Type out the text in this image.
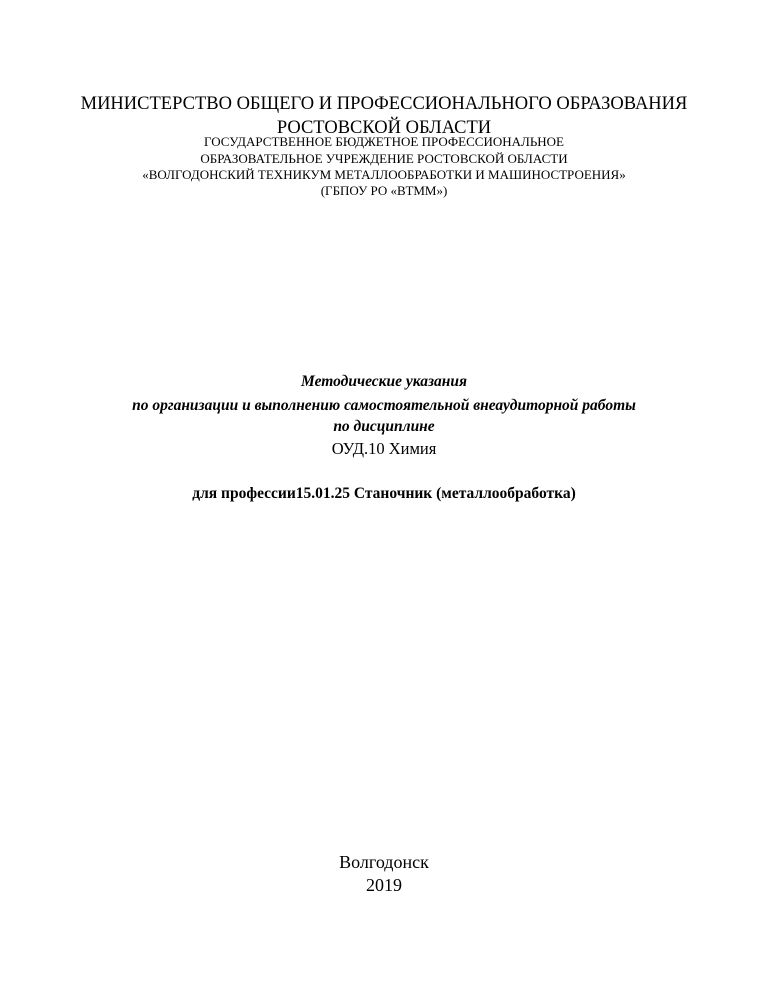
МИНИСТЕРСТВО ОБЩЕГО И ПРОФЕССИОНАЛЬНОГО ОБРАЗОВАНИЯ
РОСТОВСКОЙ ОБЛАСТИ
ГОСУДАРСТВЕННОЕ БЮДЖЕТНОЕ ПРОФЕССИОНАЛЬНОЕ
ОБРАЗОВАТЕЛЬНОЕ УЧРЕЖДЕНИЕ РОСТОВСКОЙ ОБЛАСТИ
«ВОЛГОДОНСКИЙ ТЕХНИКУМ МЕТАЛЛООБРАБОТКИ И МАШИНОСТРОЕНИЯ»
(ГБПОУ РО «ВТММ»)
Методические указания
по организации и выполнению самостоятельной внеаудиторной работы
по дисциплине
ОУД.10 Химия
для профессии15.01.25 Станочник (металлообработка)
Волгодонск
2019
